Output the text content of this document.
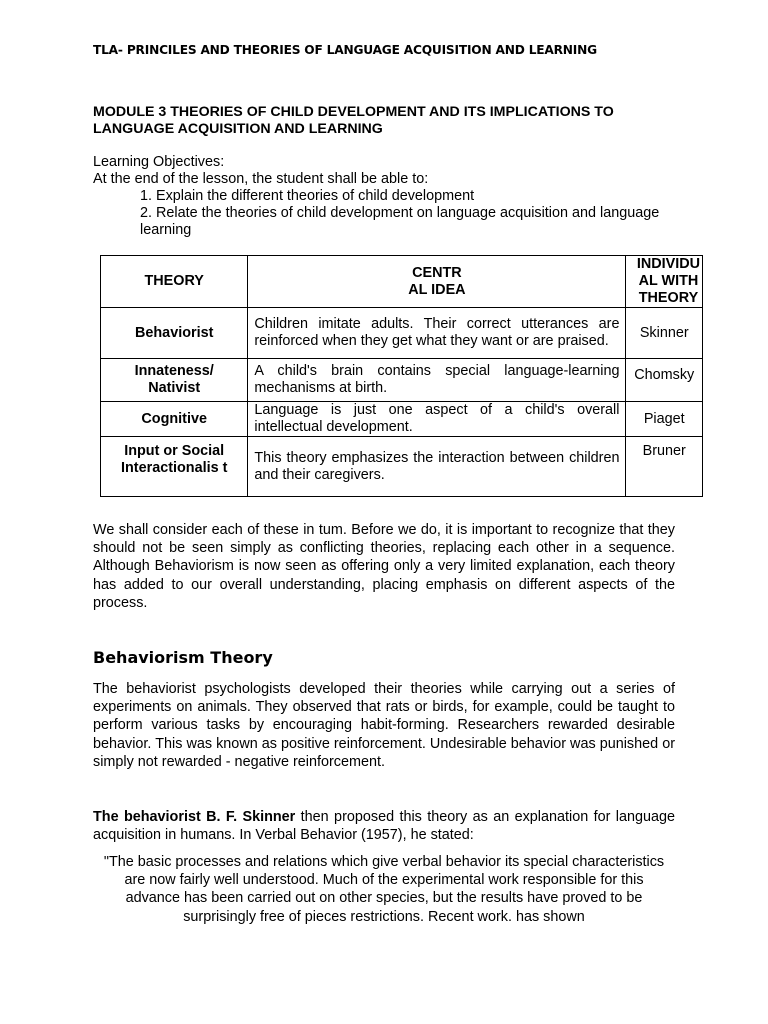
TLA- PRINCILES AND THEORIES OF LANGUAGE ACQUISITION AND LEARNING
MODULE 3 THEORIES OF CHILD DEVELOPMENT AND ITS IMPLICATIONS TO LANGUAGE ACQUISITION AND LEARNING
Learning Objectives:
At the end of the lesson, the student shall be able to:
1. Explain the different theories of child development
2. Relate the theories of child development on language acquisition and language learning
THEORY	CENTR AL IDEA	INDIVIDU AL WITH THEORY
Behaviorist	Children imitate adults. Their correct utterances are reinforced when they get what they want or are praised.	Skinner
Innateness/ Nativist	A child's brain contains special language-learning mechanisms at birth.	Chomsky
Cognitive	Language is just one aspect of a child's overall intellectual development.	Piaget
Input or Social Interactionalis t	This theory emphasizes the interaction between children and their caregivers.	Bruner

We shall consider each of these in tum. Before we do, it is important to recognize that they should not be seen simply as conflicting theories, replacing each other in a sequence. Although Behaviorism is now seen as offering only a very limited explanation, each theory has added to our overall understanding, placing emphasis on different aspects of the process.

Behaviorism Theory

The behaviorist psychologists developed their theories while carrying out a series of experiments on animals. They observed that rats or birds, for example, could be taught to perform various tasks by encouraging habit-forming. Researchers rewarded desirable behavior. This was known as positive reinforcement. Undesirable behavior was punished or simply not rewarded - negative reinforcement.

The behaviorist B. F. Skinner then proposed this theory as an explanation for language acquisition in humans. In Verbal Behavior (1957), he stated:

"The basic processes and relations which give verbal behavior its special characteristics are now fairly well understood. Much of the experimental work responsible for this advance has been carried out on other species, but the results have proved to be surprisingly free of pieces restrictions. Recent work. has shown
